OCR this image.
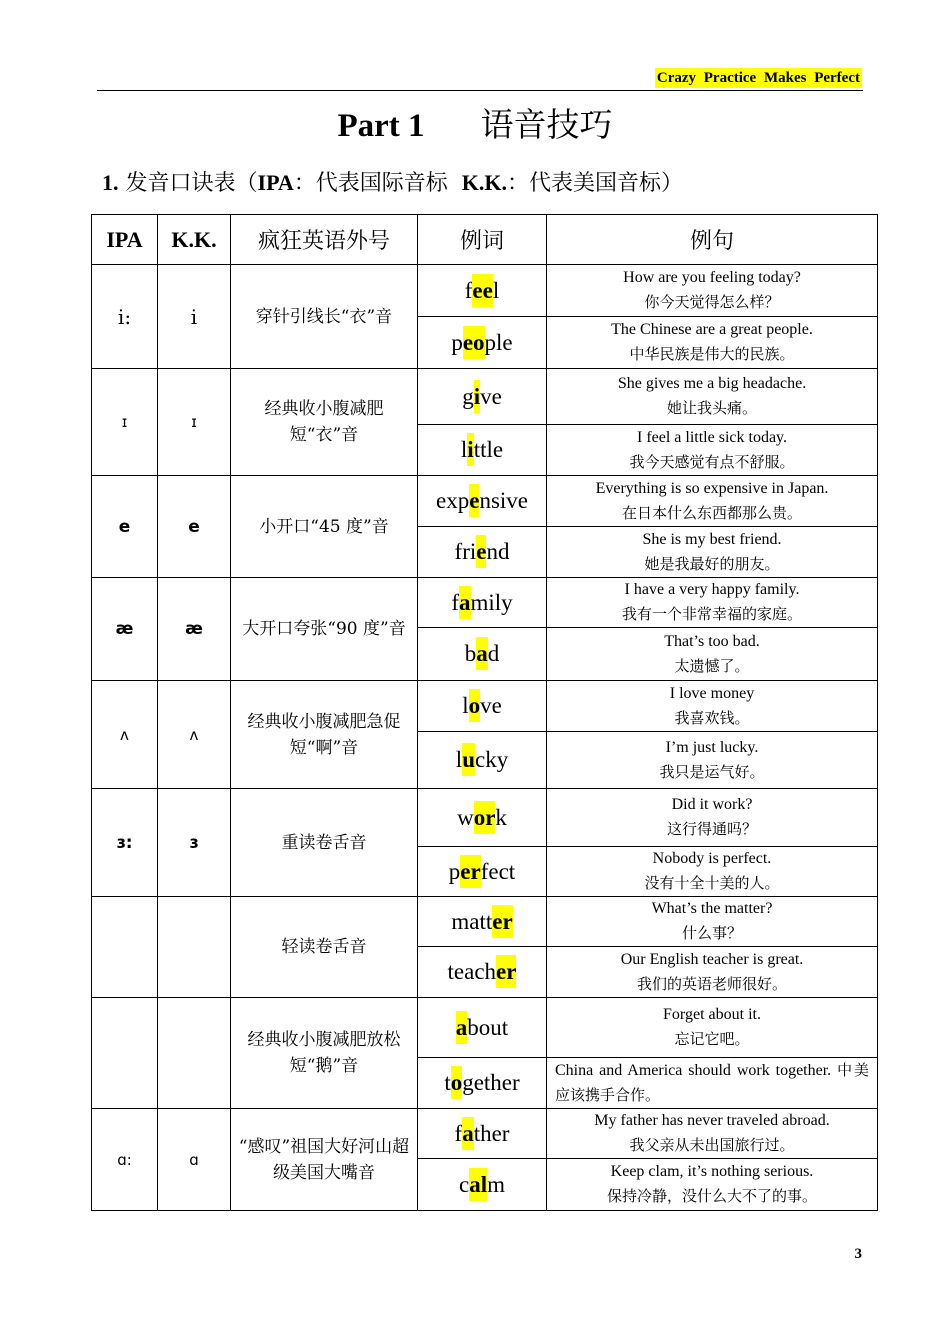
Crazy Practice Makes Perfect
Part 1 语音技巧
1. 发音口诀表（IPA：代表国际音标 K.K.：代表美国音标）
IPA	K.K.	疯狂英语外号	例词	例句
i:	i	穿针引线长“衣”音	feel	How are you feeling today?
你今天觉得怎么样？
			people	The Chinese are a great people.
中华民族是伟大的民族。
ɪ	ɪ	经典收小腹减肥短“衣”音	give	She gives me a big headache.
她让我头痛。
			little	I feel a little sick today.
我今天感觉有点不舒服。
e	e	小开口“45 度”音	expensive	Everything is so expensive in Japan.
在日本什么东西都那么贵。
			friend	She is my best friend.
她是我最好的朋友。
æ	æ	大开口夸张“90 度”音	family	I have a very happy family.
我有一个非常幸福的家庭。
			bad	That’s too bad.
太遗憾了。
ʌ	ʌ	经典收小腹减肥急促短“啊”音	love	I love money
我喜欢钱。
			lucky	I’m just lucky.
我只是运气好。
ɜ:	ɜ	重读卷舌音	work	Did it work?
这行得通吗？
			perfect	Nobody is perfect.
没有十全十美的人。
		轻读卷舌音	matter	What’s the matter?
什么事？
			teacher	Our English teacher is great.
我们的英语老师很好。
		经典收小腹减肥放松短“鹅”音	about	Forget about it.
忘记它吧。
			together	China and America should work together. 中美应该携手合作。
ɑ:	ɑ	“感叹”祖国大好河山超级美国大嘴音	father	My father has never traveled abroad.
我父亲从未出国旅行过。
			calm	Keep clam, it’s nothing serious.
保持冷静，没什么大不了的事。
3
